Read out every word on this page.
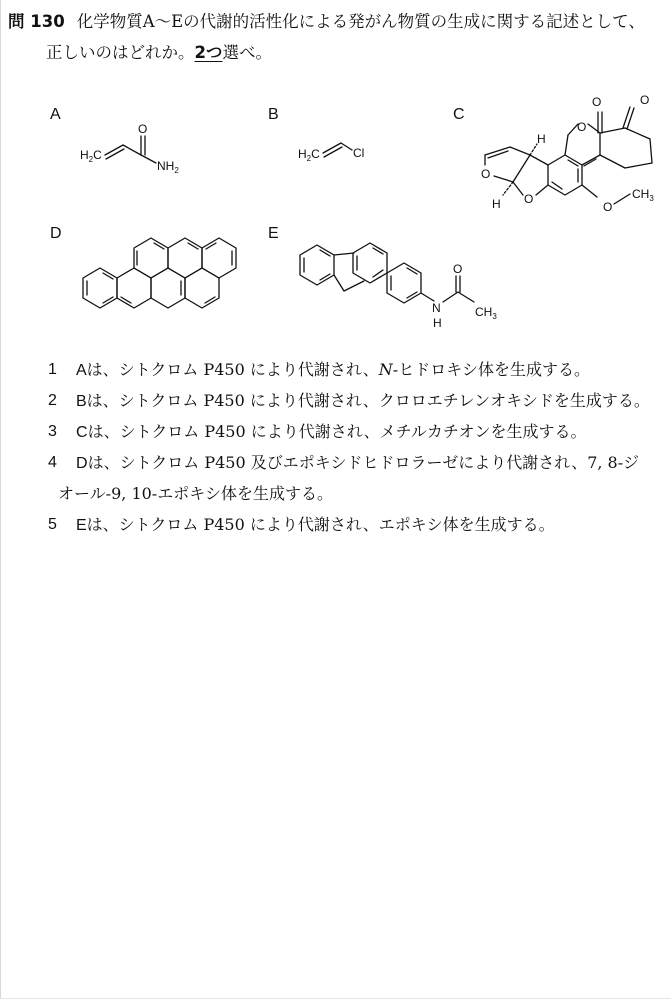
問 130 化学物質A～Eの代謝的活性化による発がん物質の生成に関する記述として、
正しいのはどれか。2つ選べ。
A	B	C
D	E
$H_2C$
O
$NH_2$
$H_2C$	Cl
O
O	O
O
$CH_3$
O
O
H
H
N
H
O
$CH_3$
1 Aは、シトクロム P450 により代謝され、N-ヒドロキシ体を生成する。
2 Bは、シトクロム P450 により代謝され、クロロエチレンオキシドを生成する。
3 Cは、シトクロム P450 により代謝され、メチルカチオンを生成する。
4 Dは、シトクロム P450 及びエポキシドヒドロラーゼにより代謝され、7, 8-ジ
オール-9, 10-エポキシ体を生成する。
5 Eは、シトクロム P450 により代謝され、エポキシ体を生成する。
